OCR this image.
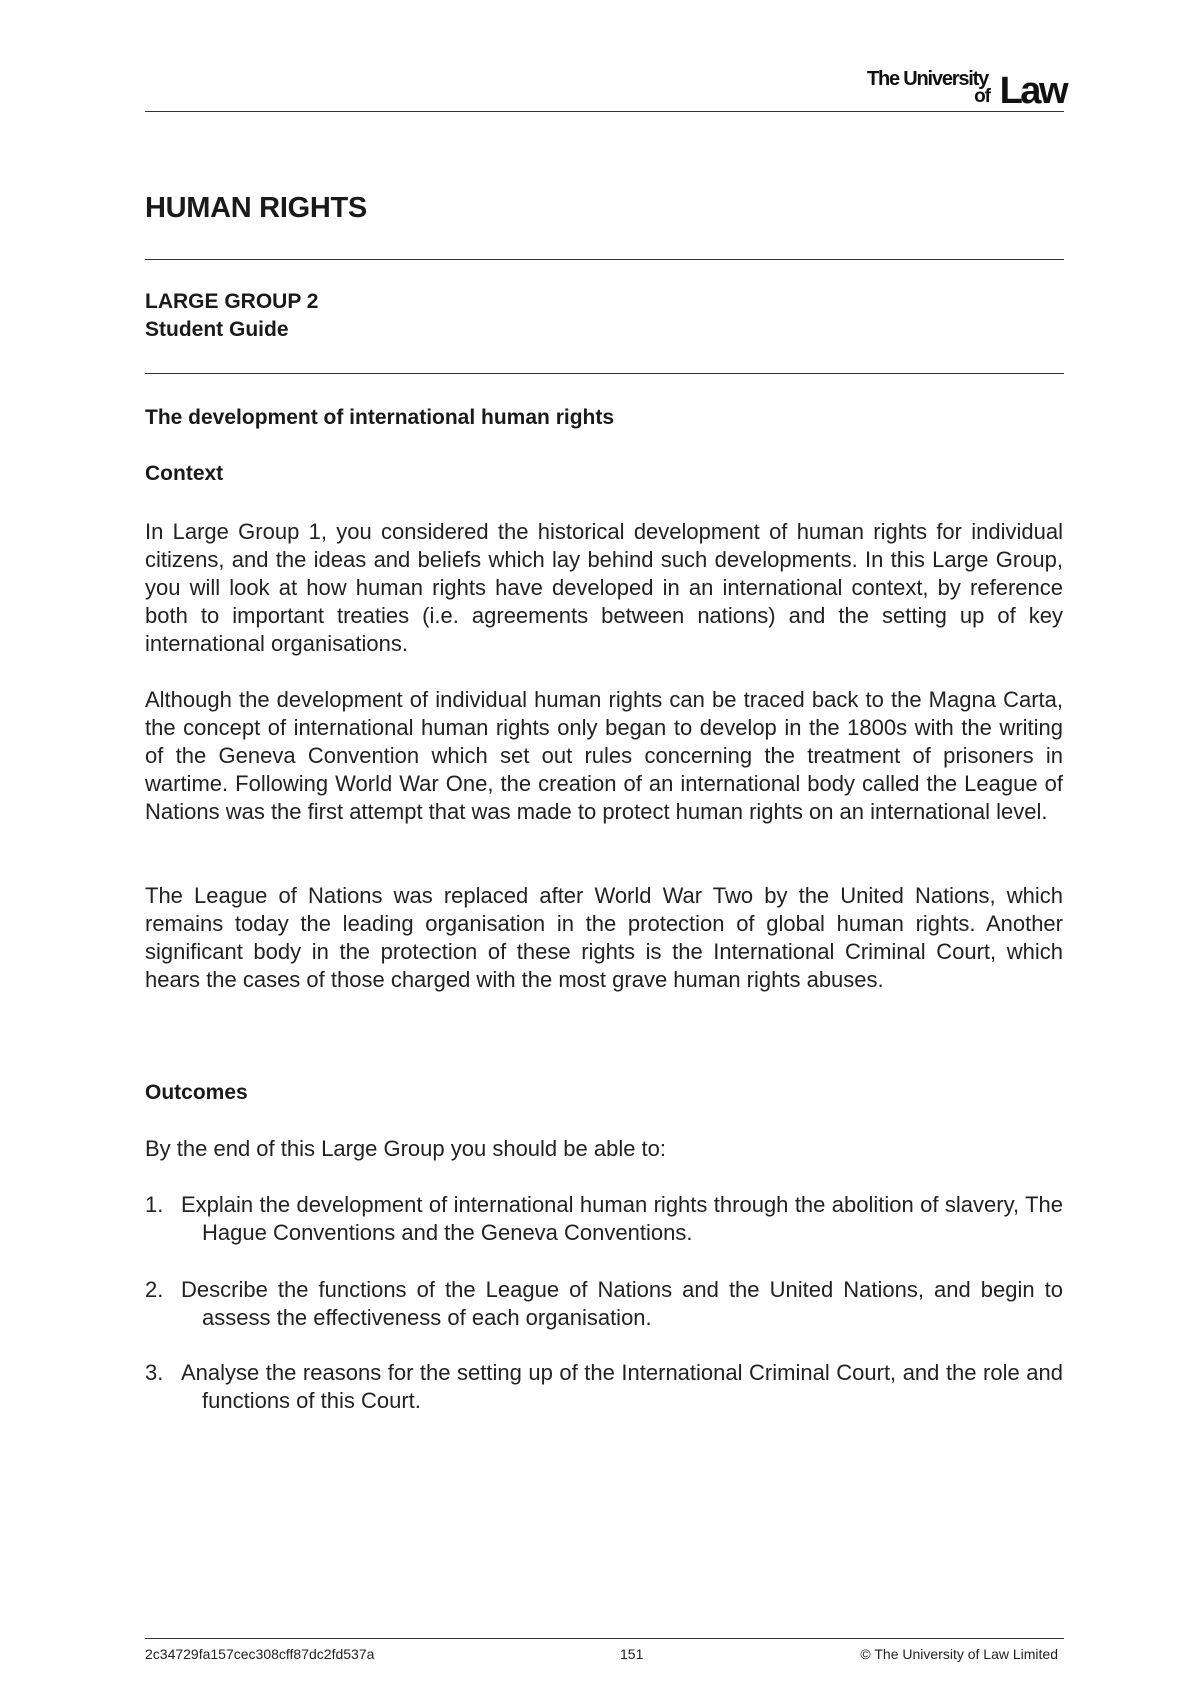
The University
of Law
HUMAN RIGHTS

LARGE GROUP 2

Student Guide

The development of international human rights

Context

In Large Group 1, you considered the historical development of human rights for individual citizens, and the ideas and beliefs which lay behind such developments. In this Large Group, you will look at how human rights have developed in an international context, by reference both to important treaties (i.e. agreements between nations) and the setting up of key international organisations.

Although the development of individual human rights can be traced back to the Magna Carta, the concept of international human rights only began to develop in the 1800s with the writing of the Geneva Convention which set out rules concerning the treatment of prisoners in wartime. Following World War One, the creation of an international body called the League of Nations was the first attempt that was made to protect human rights on an international level.

The League of Nations was replaced after World War Two by the United Nations, which remains today the leading organisation in the protection of global human rights. Another significant body in the protection of these rights is the International Criminal Court, which hears the cases of those charged with the most grave human rights abuses.

Outcomes

By the end of this Large Group you should be able to:

1. Explain the development of international human rights through the abolition of slavery, The Hague Conventions and the Geneva Conventions.
2. Describe the functions of the League of Nations and the United Nations, and begin to assess the effectiveness of each organisation.
3. Analyse the reasons for the setting up of the International Criminal Court, and the role and functions of this Court.
2c34729fa157cec308cff87dc2fd537a	151	© The University of Law Limited
